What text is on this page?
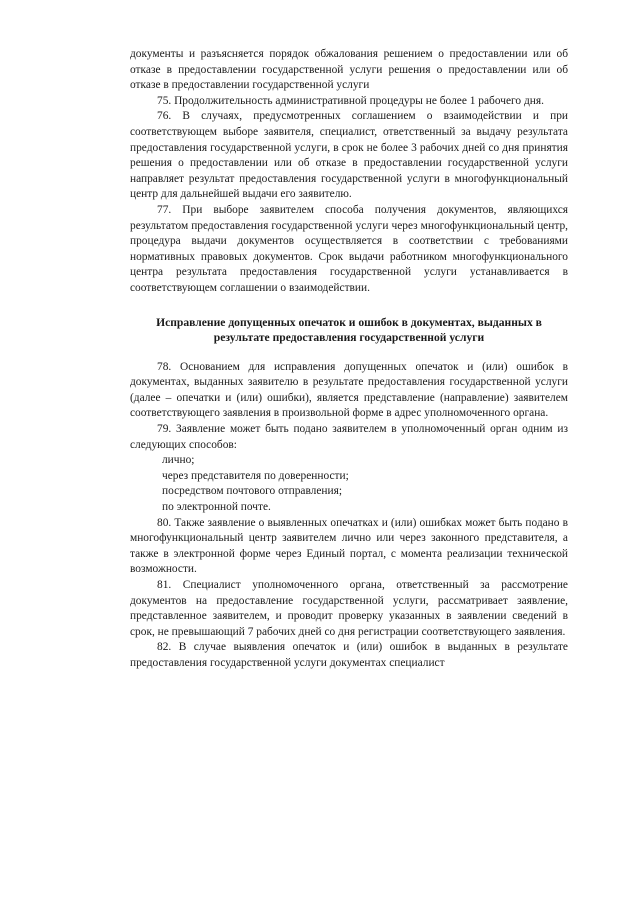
документы и разъясняется порядок обжалования решением о предоставлении или об отказе в предоставлении государственной услуги решения о предоставлении или об отказе в предоставлении государственной услуги

75. Продолжительность административной процедуры не более 1 рабочего дня.

76. В случаях, предусмотренных соглашением о взаимодействии и при соответствующем выборе заявителя, специалист, ответственный за выдачу результата предоставления государственной услуги, в срок не более 3 рабочих дней со дня принятия решения о предоставлении или об отказе в предоставлении государственной услуги направляет результат предоставления государственной услуги в многофункциональный центр для дальнейшей выдачи его заявителю.

77. При выборе заявителем способа получения документов, являющихся результатом предоставления государственной услуги через многофункциональный центр, процедура выдачи документов осуществляется в соответствии с требованиями нормативных правовых документов. Срок выдачи работником многофункционального центра результата предоставления государственной услуги устанавливается в соответствующем соглашении о взаимодействии.

Исправление допущенных опечаток и ошибок в документах, выданных в результате предоставления государственной услуги

78. Основанием для исправления допущенных опечаток и (или) ошибок в документах, выданных заявителю в результате предоставления государственной услуги (далее – опечатки и (или) ошибки), является представление (направление) заявителем соответствующего заявления в произвольной форме в адрес уполномоченного органа.

79. Заявление может быть подано заявителем в уполномоченный орган одним из следующих способов:

лично;

через представителя по доверенности;

посредством почтового отправления;

по электронной почте.

80. Также заявление о выявленных опечатках и (или) ошибках может быть подано в многофункциональный центр заявителем лично или через законного представителя, а также в электронной форме через Единый портал, с момента реализации технической возможности.

81. Специалист уполномоченного органа, ответственный за рассмотрение документов на предоставление государственной услуги, рассматривает заявление, представленное заявителем, и проводит проверку указанных в заявлении сведений в срок, не превышающий 7 рабочих дней со дня регистрации соответствующего заявления.

82. В случае выявления опечаток и (или) ошибок в выданных в результате предоставления государственной услуги документах специалист
